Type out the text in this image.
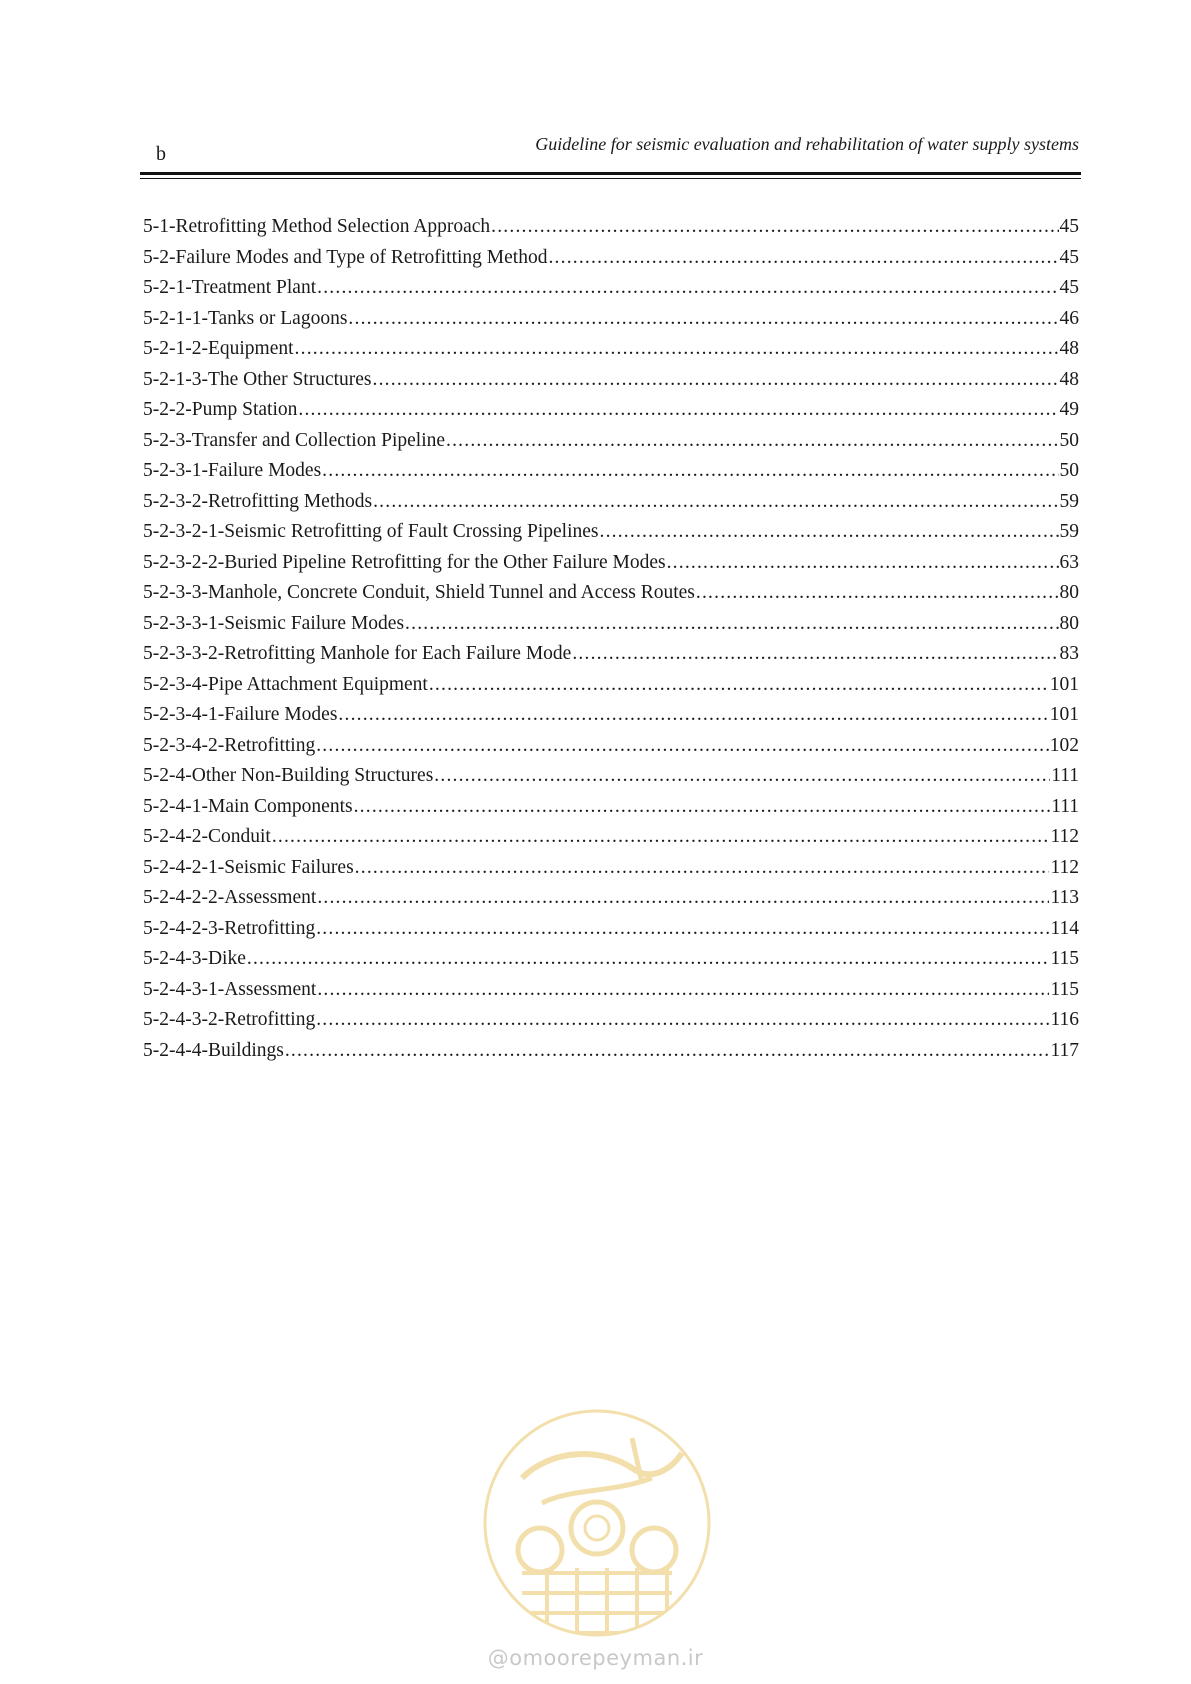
b	Guideline for seismic evaluation and rehabilitation of water supply systems
5-1-Retrofitting Method Selection Approach .....	45
5-2-Failure Modes and Type of Retrofitting Method .....	45
5-2-1-Treatment Plant .....	45
5-2-1-1-Tanks or Lagoons .....	46
5-2-1-2-Equipment .....	48
5-2-1-3-The Other Structures .....	48
5-2-2-Pump Station .....	49
5-2-3-Transfer and Collection Pipeline .....	50
5-2-3-1-Failure Modes .....	50
5-2-3-2-Retrofitting Methods .....	59
5-2-3-2-1-Seismic Retrofitting of Fault Crossing Pipelines .....	59
5-2-3-2-2-Buried Pipeline Retrofitting for the Other Failure Modes .....	63
5-2-3-3-Manhole, Concrete Conduit, Shield Tunnel and Access Routes .....	80
5-2-3-3-1-Seismic Failure Modes .....	80
5-2-3-3-2-Retrofitting Manhole for Each Failure Mode .....	83
5-2-3-4-Pipe Attachment Equipment .....	101
5-2-3-4-1-Failure Modes .....	101
5-2-3-4-2-Retrofitting .....	102
5-2-4-Other Non-Building Structures .....	111
5-2-4-1-Main Components .....	111
5-2-4-2-Conduit .....	112
5-2-4-2-1-Seismic Failures .....	112
5-2-4-2-2-Assessment .....	113
5-2-4-2-3-Retrofitting .....	114
5-2-4-3-Dike .....	115
5-2-4-3-1-Assessment .....	115
5-2-4-3-2-Retrofitting .....	116
5-2-4-4-Buildings .....	117
@omoorepeyman.ir
